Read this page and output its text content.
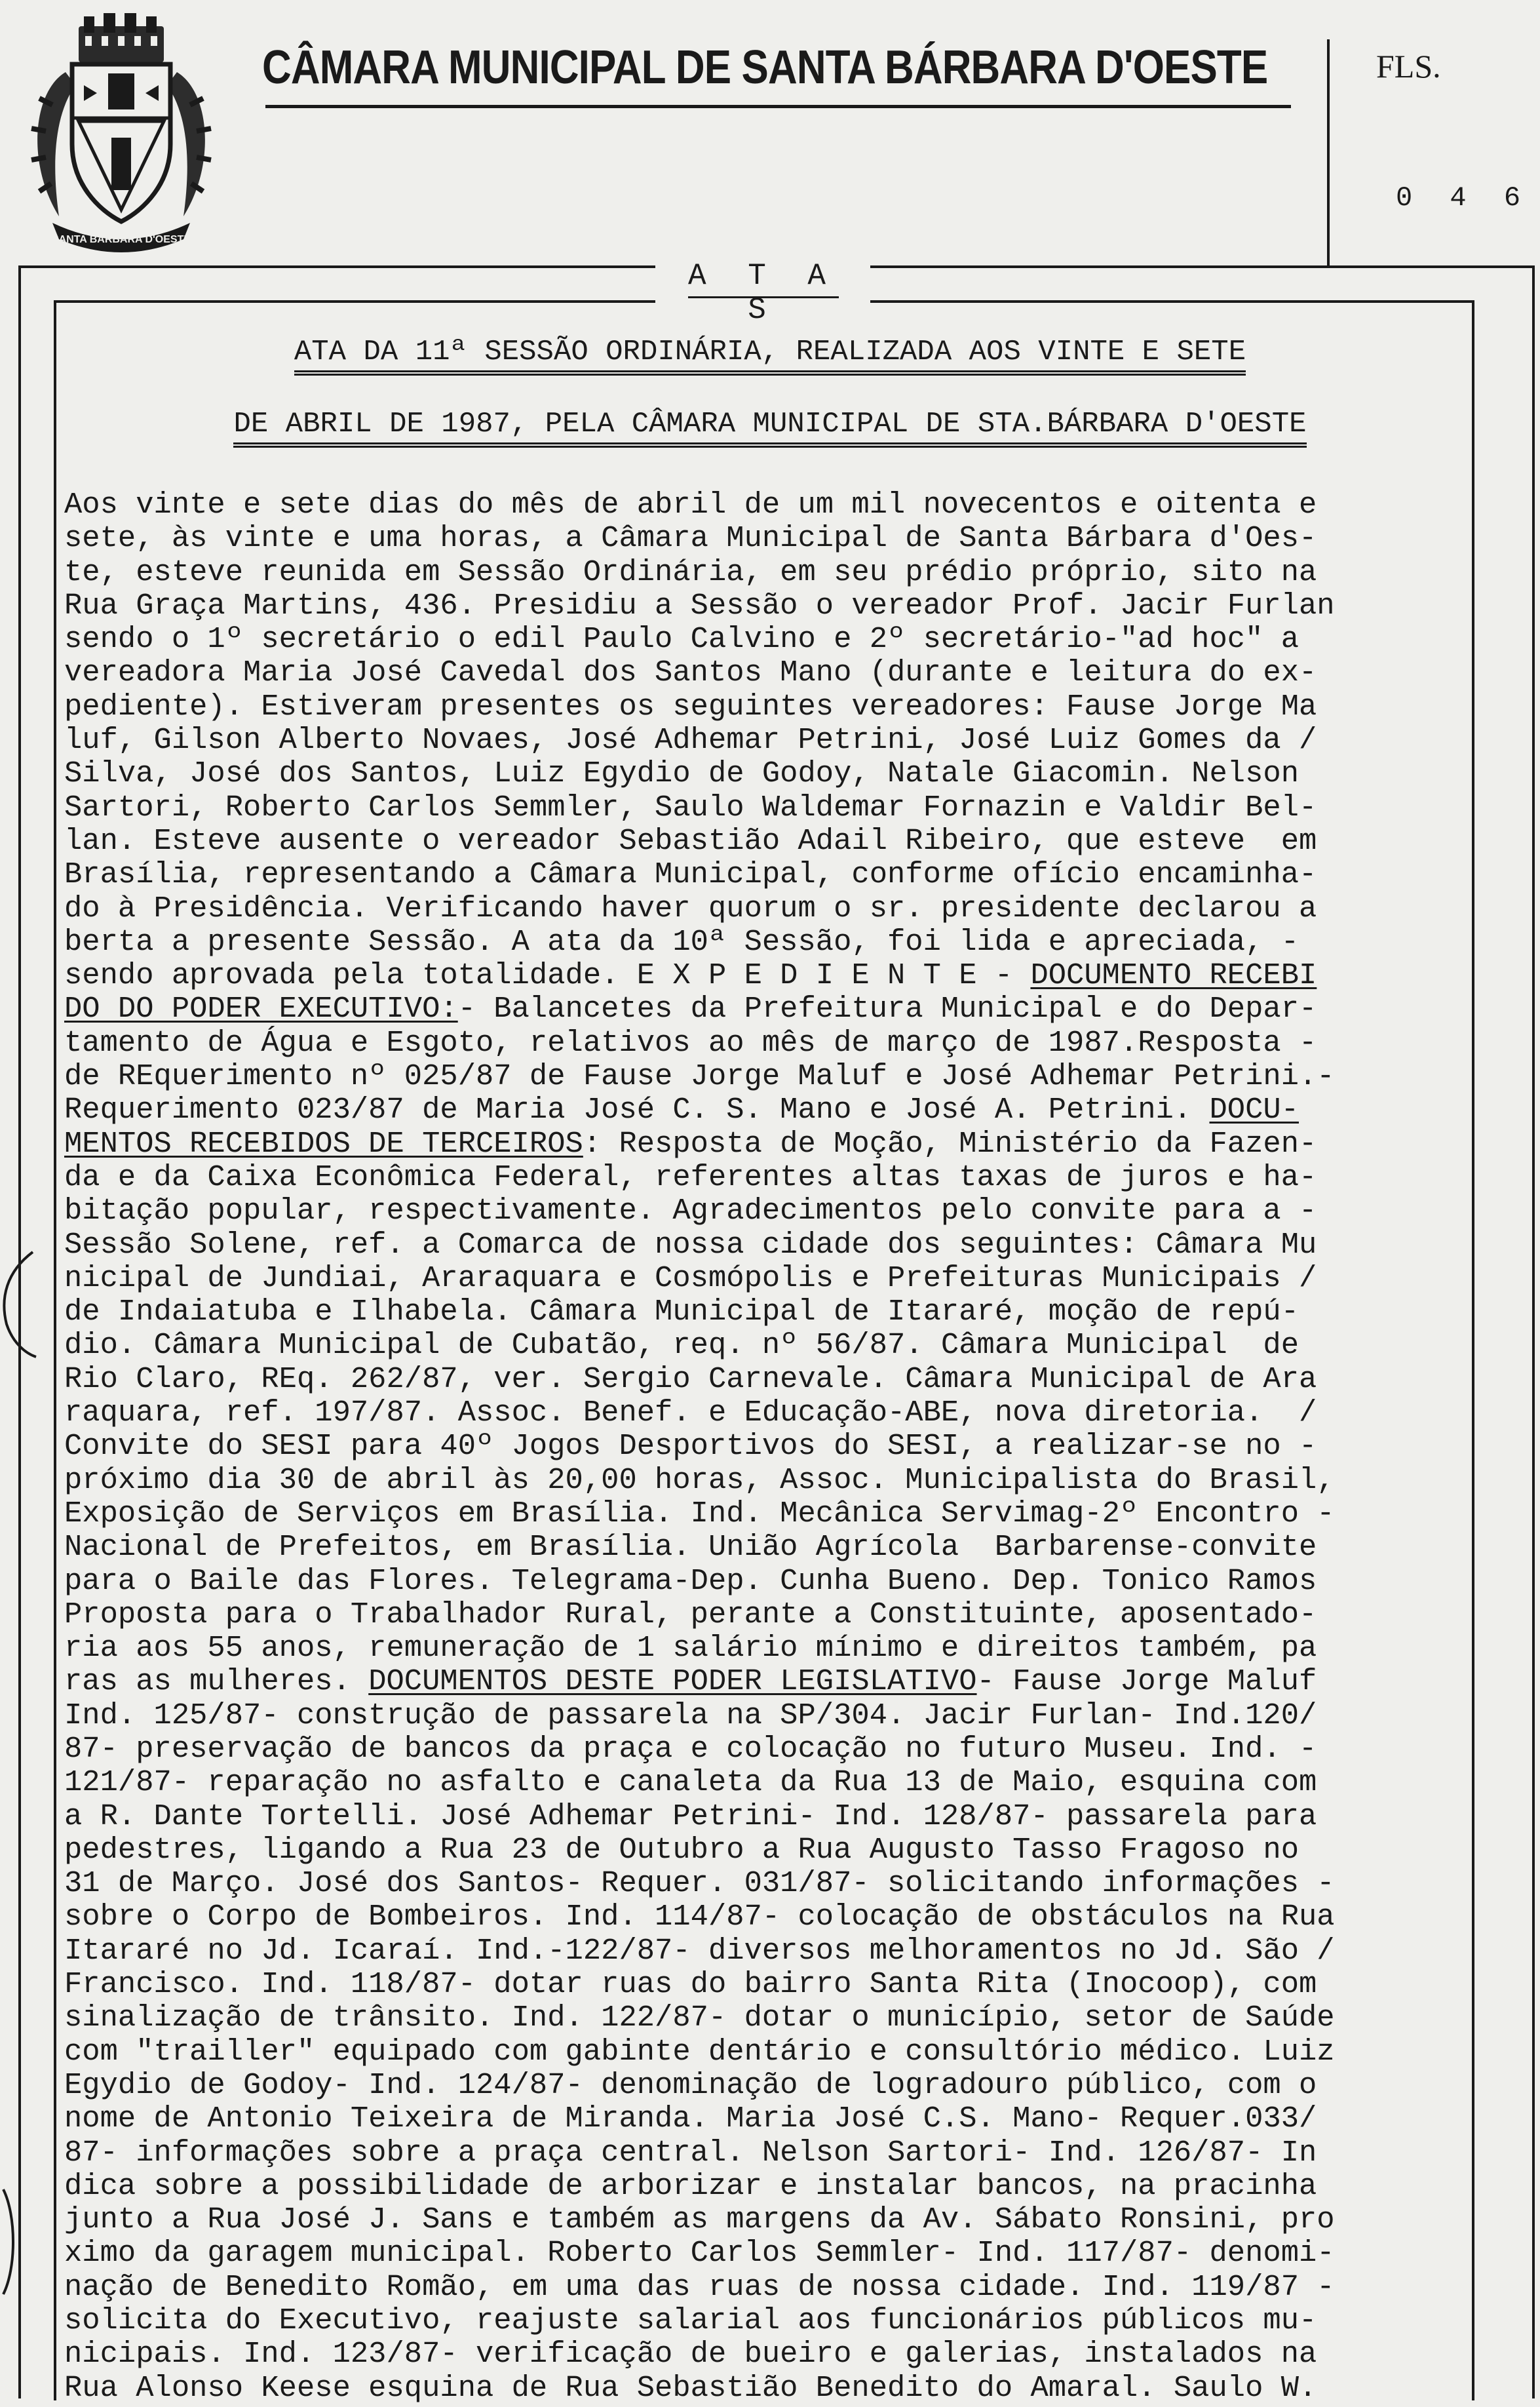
SANTA BARBARA D'OESTE
CÂMARA MUNICIPAL DE SANTA BÁRBARA D'OESTE	FLS.
0 4 6
A T A S
ATA DA 11ª SESSÃO ORDINÁRIA, REALIZADA AOS VINTE E SETE
DE ABRIL DE 1987, PELA CÂMARA MUNICIPAL DE STA.BÁRBARA D'OESTE
Aos vinte e sete dias do mês de abril de um mil novecentos e oitenta e
sete, às vinte e uma horas, a Câmara Municipal de Santa Bárbara d'Oes-
te, esteve reunida em Sessão Ordinária, em seu prédio próprio, sito na
Rua Graça Martins, 436. Presidiu a Sessão o vereador Prof. Jacir Furlan
sendo o 1º secretário o edil Paulo Calvino e 2º secretário-"ad hoc" a
vereadora Maria José Cavedal dos Santos Mano (durante e leitura do ex-
pediente). Estiveram presentes os seguintes vereadores: Fause Jorge Ma
luf, Gilson Alberto Novaes, José Adhemar Petrini, José Luiz Gomes da /
Silva, José dos Santos, Luiz Egydio de Godoy, Natale Giacomin. Nelson
Sartori, Roberto Carlos Semmler, Saulo Waldemar Fornazin e Valdir Bel-
lan. Esteve ausente o vereador Sebastião Adail Ribeiro, que esteve  em
Brasília, representando a Câmara Municipal, conforme ofício encaminha-
do à Presidência. Verificando haver quorum o sr. presidente declarou a
berta a presente Sessão. A ata da 10ª Sessão, foi lida e apreciada, -
sendo aprovada pela totalidade. E X P E D I E N T E - DOCUMENTO RECEBI
DO DO PODER EXECUTIVO:- Balancetes da Prefeitura Municipal e do Depar-
tamento de Água e Esgoto, relativos ao mês de março de 1987.Resposta -
de REquerimento nº 025/87 de Fause Jorge Maluf e José Adhemar Petrini.-
Requerimento 023/87 de Maria José C. S. Mano e José A. Petrini. DOCU-
MENTOS RECEBIDOS DE TERCEIROS: Resposta de Moção, Ministério da Fazen-
da e da Caixa Econômica Federal, referentes altas taxas de juros e ha-
bitação popular, respectivamente. Agradecimentos pelo convite para a -
Sessão Solene, ref. a Comarca de nossa cidade dos seguintes: Câmara Mu
nicipal de Jundiai, Araraquara e Cosmópolis e Prefeituras Municipais /
de Indaiatuba e Ilhabela. Câmara Municipal de Itararé, moção de repú-
dio. Câmara Municipal de Cubatão, req. nº 56/87. Câmara Municipal  de
Rio Claro, REq. 262/87, ver. Sergio Carnevale. Câmara Municipal de Ara
raquara, ref. 197/87. Assoc. Benef. e Educação-ABE, nova diretoria.  /
Convite do SESI para 40º Jogos Desportivos do SESI, a realizar-se no -
próximo dia 30 de abril às 20,00 horas, Assoc. Municipalista do Brasil,
Exposição de Serviços em Brasília. Ind. Mecânica Servimag-2º Encontro -
Nacional de Prefeitos, em Brasília. União Agrícola  Barbarense-convite
para o Baile das Flores. Telegrama-Dep. Cunha Bueno. Dep. Tonico Ramos
Proposta para o Trabalhador Rural, perante a Constituinte, aposentado-
ria aos 55 anos, remuneração de 1 salário mínimo e direitos também, pa
ras as mulheres. DOCUMENTOS DESTE PODER LEGISLATIVO- Fause Jorge Maluf
Ind. 125/87- construção de passarela na SP/304. Jacir Furlan- Ind.120/
87- preservação de bancos da praça e colocação no futuro Museu. Ind. -
121/87- reparação no asfalto e canaleta da Rua 13 de Maio, esquina com
a R. Dante Tortelli. José Adhemar Petrini- Ind. 128/87- passarela para
pedestres, ligando a Rua 23 de Outubro a Rua Augusto Tasso Fragoso no
31 de Março. José dos Santos- Requer. 031/87- solicitando informações -
sobre o Corpo de Bombeiros. Ind. 114/87- colocação de obstáculos na Rua
Itararé no Jd. Icaraí. Ind.-122/87- diversos melhoramentos no Jd. São /
Francisco. Ind. 118/87- dotar ruas do bairro Santa Rita (Inocoop), com
sinalização de trânsito. Ind. 122/87- dotar o município, setor de Saúde
com "trailler" equipado com gabinte dentário e consultório médico. Luiz
Egydio de Godoy- Ind. 124/87- denominação de logradouro público, com o
nome de Antonio Teixeira de Miranda. Maria José C.S. Mano- Requer.033/
87- informações sobre a praça central. Nelson Sartori- Ind. 126/87- In
dica sobre a possibilidade de arborizar e instalar bancos, na pracinha
junto a Rua José J. Sans e também as margens da Av. Sábato Ronsini, pro
ximo da garagem municipal. Roberto Carlos Semmler- Ind. 117/87- denomi-
nação de Benedito Romão, em uma das ruas de nossa cidade. Ind. 119/87 -
solicita do Executivo, reajuste salarial aos funcionários públicos mu-
nicipais. Ind. 123/87- verificação de bueiro e galerias, instalados na
Rua Alonso Keese esquina de Rua Sebastião Benedito do Amaral. Saulo W.
